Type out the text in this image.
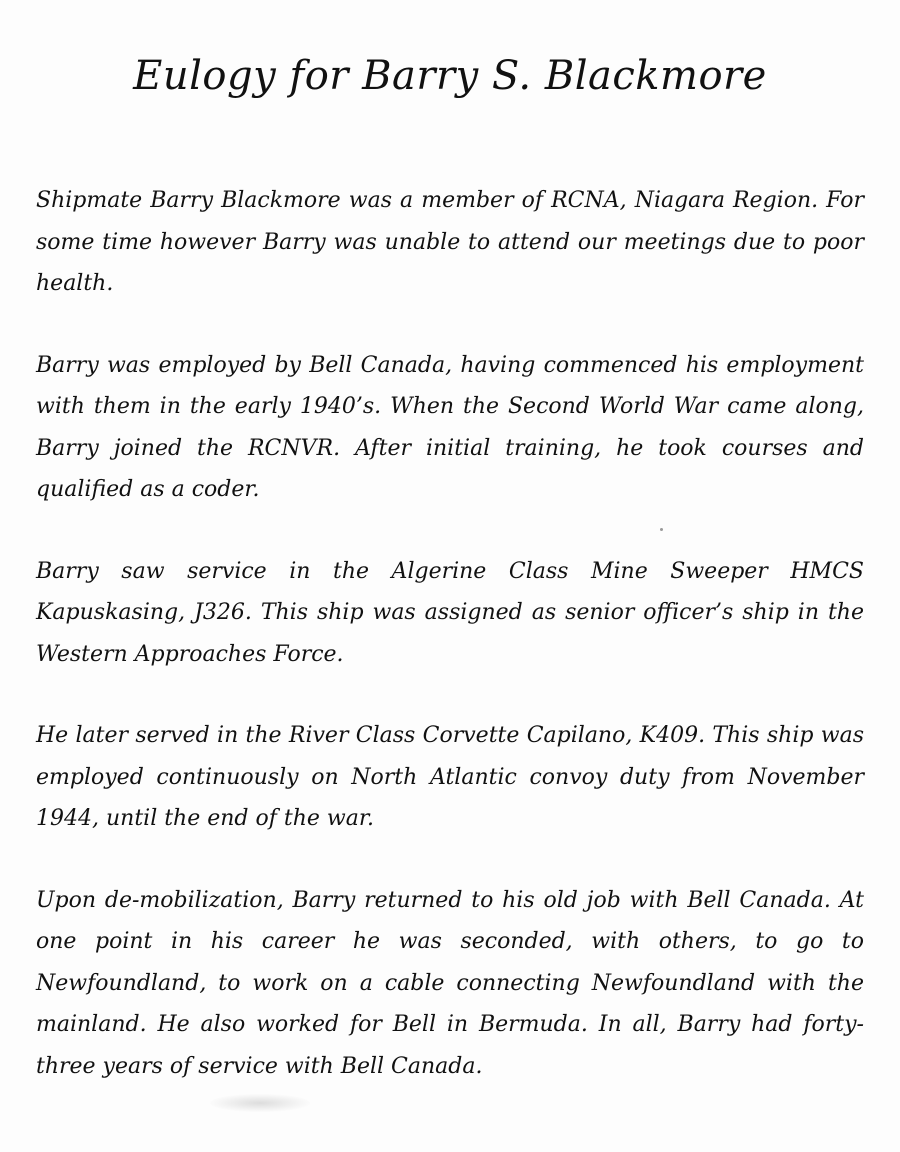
Eulogy for Barry S. Blackmore

Shipmate Barry Blackmore was a member of RCNA, Niagara Region. For some time however Barry was unable to attend our meetings due to poor health.

Barry was employed by Bell Canada, having commenced his employment with them in the early 1940’s. When the Second World War came along, Barry joined the RCNVR. After initial training, he took courses and qualified as a coder.

Barry saw service in the Algerine Class Mine Sweeper HMCS Kapuskasing, J326. This ship was assigned as senior officer’s ship in the Western Approaches Force.

He later served in the River Class Corvette Capilano, K409. This ship was employed continuously on North Atlantic convoy duty from November 1944, until the end of the war.

Upon de-mobilization, Barry returned to his old job with Bell Canada. At one point in his career he was seconded, with others, to go to Newfoundland, to work on a cable connecting Newfoundland with the mainland. He also worked for Bell in Bermuda. In all, Barry had forty-three years of service with Bell Canada.
